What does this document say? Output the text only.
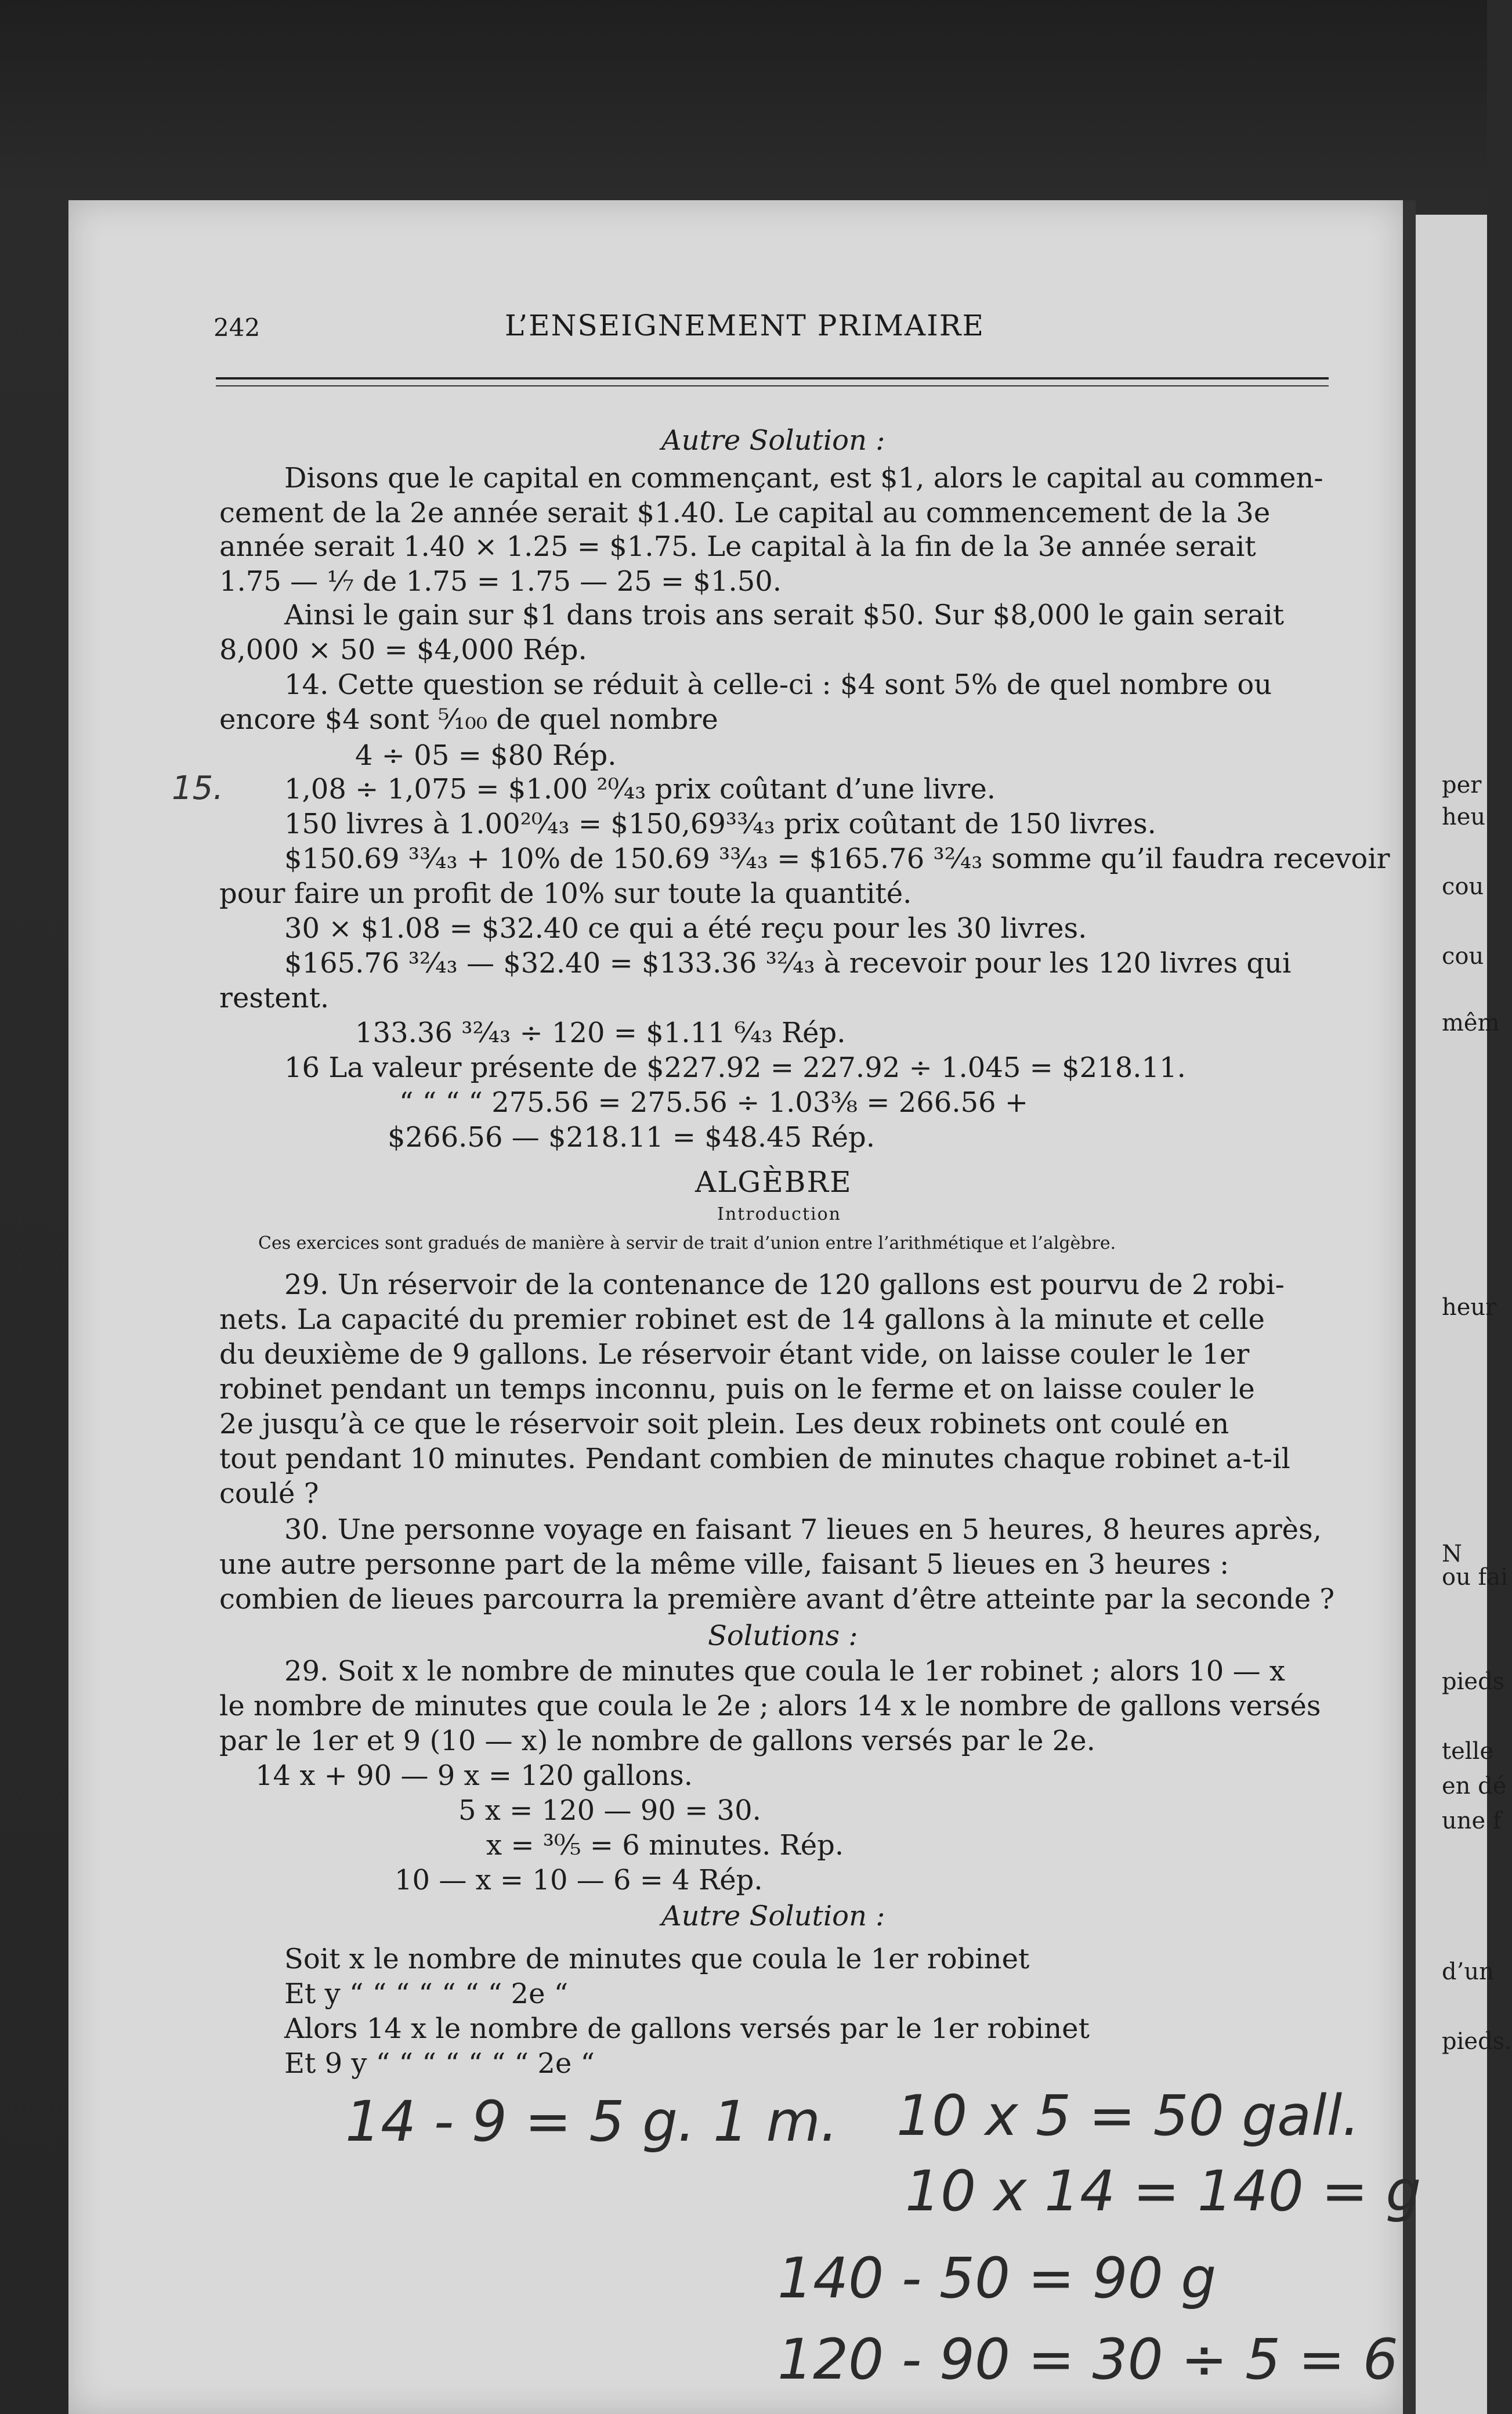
242	L’ENSEIGNEMENT PRIMAIRE
Autre Solution :
Disons que le capital en commençant, est $1, alors le capital au commen-
cement de la 2e année serait $1.40. Le capital au commencement de la 3e
année serait 1.40 × 1.25 = $1.75. Le capital à la fin de la 3e année serait
1.75 — ⅐ de 1.75 = 1.75 — 25 = $1.50.
Ainsi le gain sur $1 dans trois ans serait $50. Sur $8,000 le gain serait
8,000 × 50 = $4,000 Rép.
14. Cette question se réduit à celle-ci : $4 sont 5% de quel nombre ou
encore $4 sont ⁵⁄₁₀₀ de quel nombre
4 ÷ 05 = $80 Rép.
1,08 ÷ 1,075 = $1.00 ²⁰⁄₄₃ prix coûtant d’une livre.
150 livres à 1.00²⁰⁄₄₃ = $150,69³³⁄₄₃ prix coûtant de 150 livres.
$150.69 ³³⁄₄₃ + 10% de 150.69 ³³⁄₄₃ = $165.76 ³²⁄₄₃ somme qu’il faudra recevoir
pour faire un profit de 10% sur toute la quantité.
30 × $1.08 = $32.40 ce qui a été reçu pour les 30 livres.
$165.76 ³²⁄₄₃ — $32.40 = $133.36 ³²⁄₄₃ à recevoir pour les 120 livres qui
restent.
133.36 ³²⁄₄₃ ÷ 120 = $1.11 ⁶⁄₄₃ Rép.
16 La valeur présente de $227.92 = 227.92 ÷ 1.045 = $218.11.
“ “ “ “ 275.56 = 275.56 ÷ 1.03⅜ = 266.56 +
$266.56 — $218.11 = $48.45 Rép.
29. Un réservoir de la contenance de 120 gallons est pourvu de 2 robi-
nets. La capacité du premier robinet est de 14 gallons à la minute et celle
du deuxième de 9 gallons. Le réservoir étant vide, on laisse couler le 1er
robinet pendant un temps inconnu, puis on le ferme et on laisse couler le
2e jusqu’à ce que le réservoir soit plein. Les deux robinets ont coulé en
tout pendant 10 minutes. Pendant combien de minutes chaque robinet a-t-il
coulé ?
30. Une personne voyage en faisant 7 lieues en 5 heures, 8 heures après,
une autre personne part de la même ville, faisant 5 lieues en 3 heures :
combien de lieues parcourra la première avant d’être atteinte par la seconde ?
Solutions :
29. Soit x le nombre de minutes que coula le 1er robinet ; alors 10 — x
le nombre de minutes que coula le 2e ; alors 14 x le nombre de gallons versés
par le 1er et 9 (10 — x) le nombre de gallons versés par le 2e.
14 x + 90 — 9 x = 120 gallons.
5 x = 120 — 90 = 30.
x = ³⁰⁄₅ = 6 minutes. Rép.
10 — x = 10 — 6 = 4 Rép.
Autre Solution :
Soit x le nombre de minutes que coula le 1er robinet
Et y “ “ “ “ “ “ “ 2e “
Alors 14 x le nombre de gallons versés par le 1er robinet
Et 9 y “ “ “ “ “ “ “ 2e “
ALGÈBRE
Introduction
Ces exercices sont gradués de manière à servir de trait d’union entre l’arithmétique et l’algèbre.
15.
14 - 9 = 5 g. 1 m. 10 x 5 = 50 gall.
10 x 14 = 140 = g
140 - 50 = 90 g
120 - 90 = 30 ÷ 5 = 6
per
heu
cou
cou
mêm
heur
N
ou fai
pieds
telle
en dé
une f
d’un
pieds.
